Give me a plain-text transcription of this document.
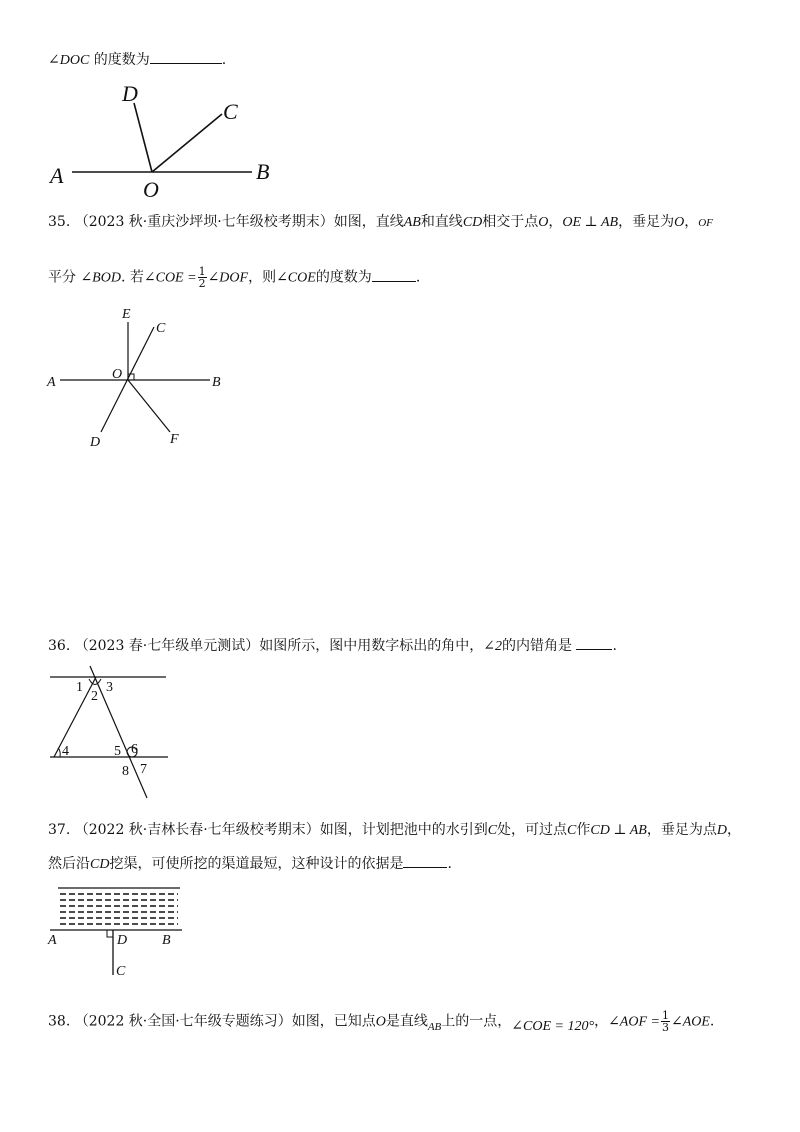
∠DOC 的度数为	.
A	B
C
D
O
35. （2023 秋·重庆沙坪坝·七年级校考期末）如图，直线AB和直线CD相交于点O，OE ⊥ AB，垂足为O，OF
平分 ∠BOD. 若∠COE = $\frac{1}{2}$ ∠DOF，则∠COE的度数为	.
A	B
C
D
E
F
O
36. （2023 春·七年级单元测试）如图所示，图中用数字标出的角中，∠2的内错角是	.
1
2
3
4	5 6
7
8
37. （2022 秋·吉林长春·七年级校考期末）如图，计划把池中的水引到C处，可过点C作CD ⊥ AB，垂足为点D，
然后沿CD挖渠，可使所挖的渠道最短，这种设计的依据是	.
A	B
C
D
38. （2022 秋·全国·七年级专题练习）如图，已知点O是直线$_{AB}$上的一点，∠COE = 120°，∠AOF = $\frac{1}{3}$ ∠AOE.
